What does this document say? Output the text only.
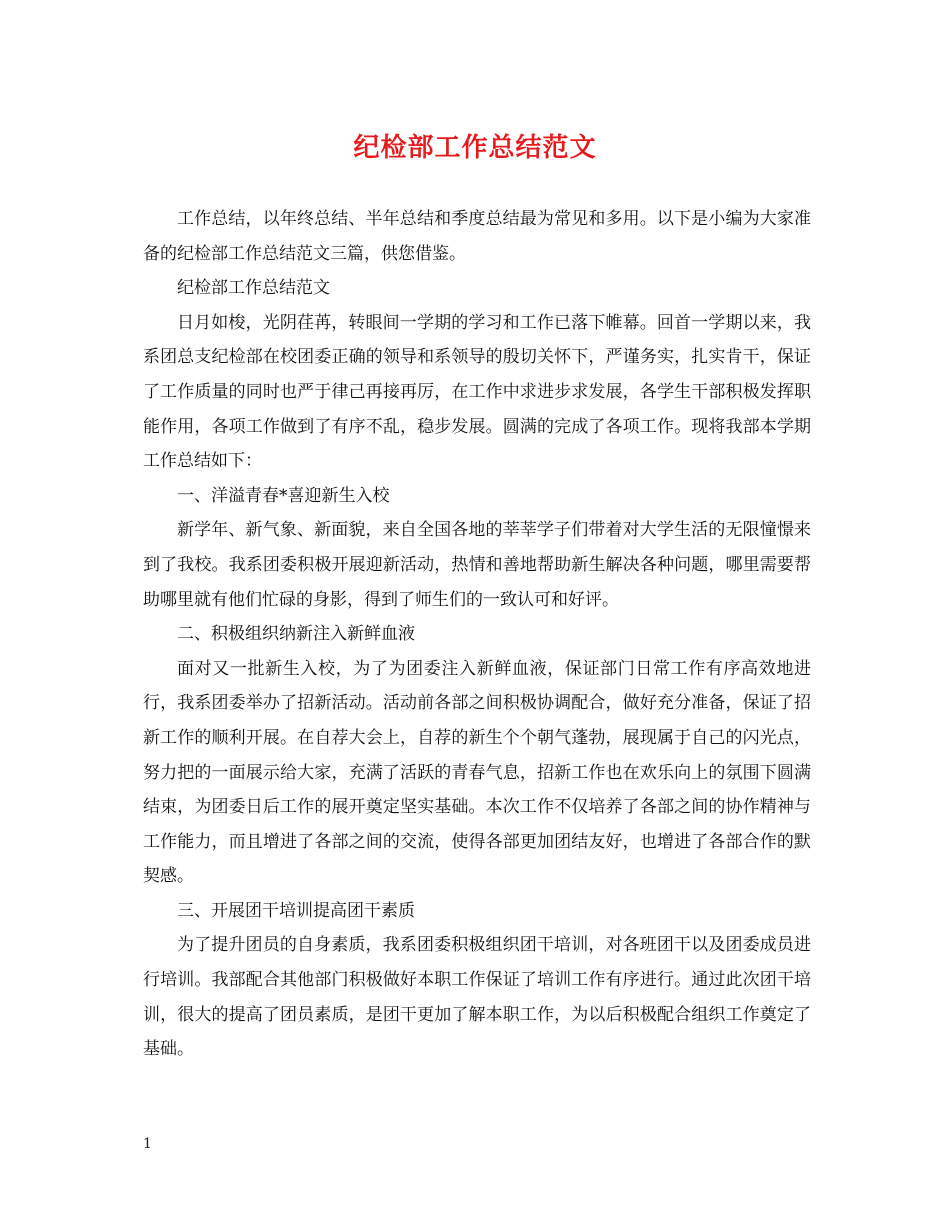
纪检部工作总结范文

工作总结，以年终总结、半年总结和季度总结最为常见和多用。以下是小编为大家准备的纪检部工作总结范文三篇，供您借鉴。

纪检部工作总结范文

日月如梭，光阴荏苒，转眼间一学期的学习和工作已落下帷幕。回首一学期以来，我系团总支纪检部在校团委正确的领导和系领导的殷切关怀下，严谨务实，扎实肯干，保证了工作质量的同时也严于律己再接再厉，在工作中求进步求发展，各学生干部积极发挥职能作用，各项工作做到了有序不乱，稳步发展。圆满的完成了各项工作。现将我部本学期工作总结如下：

一、洋溢青春*喜迎新生入校

新学年、新气象、新面貌，来自全国各地的莘莘学子们带着对大学生活的无限憧憬来到了我校。我系团委积极开展迎新活动，热情和善地帮助新生解决各种问题，哪里需要帮助哪里就有他们忙碌的身影，得到了师生们的一致认可和好评。

二、积极组织纳新注入新鲜血液

面对又一批新生入校，为了为团委注入新鲜血液，保证部门日常工作有序高效地进行，我系团委举办了招新活动。活动前各部之间积极协调配合，做好充分准备，保证了招新工作的顺利开展。在自荐大会上，自荐的新生个个朝气蓬勃，展现属于自己的闪光点，努力把的一面展示给大家，充满了活跃的青春气息，招新工作也在欢乐向上的氛围下圆满结束，为团委日后工作的展开奠定坚实基础。本次工作不仅培养了各部之间的协作精神与工作能力，而且增进了各部之间的交流，使得各部更加团结友好，也增进了各部合作的默契感。

三、开展团干培训提高团干素质

为了提升团员的自身素质，我系团委积极组织团干培训，对各班团干以及团委成员进行培训。我部配合其他部门积极做好本职工作保证了培训工作有序进行。通过此次团干培训，很大的提高了团员素质，是团干更加了解本职工作，为以后积极配合组织工作奠定了基础。

1
